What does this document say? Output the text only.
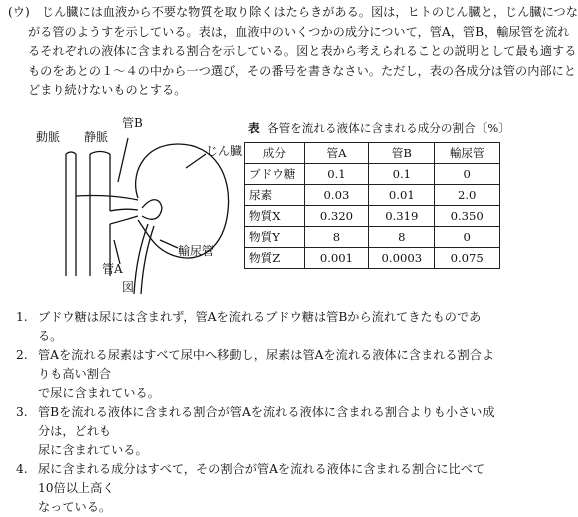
(ウ)　じん臓には血液から不要な物質を取り除くはたらきがある。図は，ヒトのじん臓と，じん臓につな
がる管のようすを示している。表は，血液中のいくつかの成分について，管A，管B，輸尿管を流れ
るそれぞれの液体に含まれる割合を示している。図と表から考えられることの説明として最も適する
ものをあとの１～４の中から一つ選び，その番号を書きなさい。ただし，表の各成分は管の内部にと
どまり続けないものとする。
動脈 静脈
管B
じん臓
輸尿管
管A
図
表 各管を流れる液体に含まれる成分の割合〔%〕
成分	管A	管B	輸尿管
ブドウ糖	0.1	0.1	0
尿素	0.03	0.01	2.0
物質X	0.320	0.319	0.350
物質Y	8	8	0
物質Z	0.001	0.0003	0.075
1. ブドウ糖は尿には含まれず，管Aを流れるブドウ糖は管Bから流れてきたものである。
2. 管Aを流れる尿素はすべて尿中へ移動し，尿素は管Aを流れる液体に含まれる割合よりも高い割合
で尿に含まれている。
3. 管Bを流れる液体に含まれる割合が管Aを流れる液体に含まれる割合よりも小さい成分は，どれも
尿に含まれている。
4. 尿に含まれる成分はすべて，その割合が管Aを流れる液体に含まれる割合に比べて10倍以上高く
なっている。
